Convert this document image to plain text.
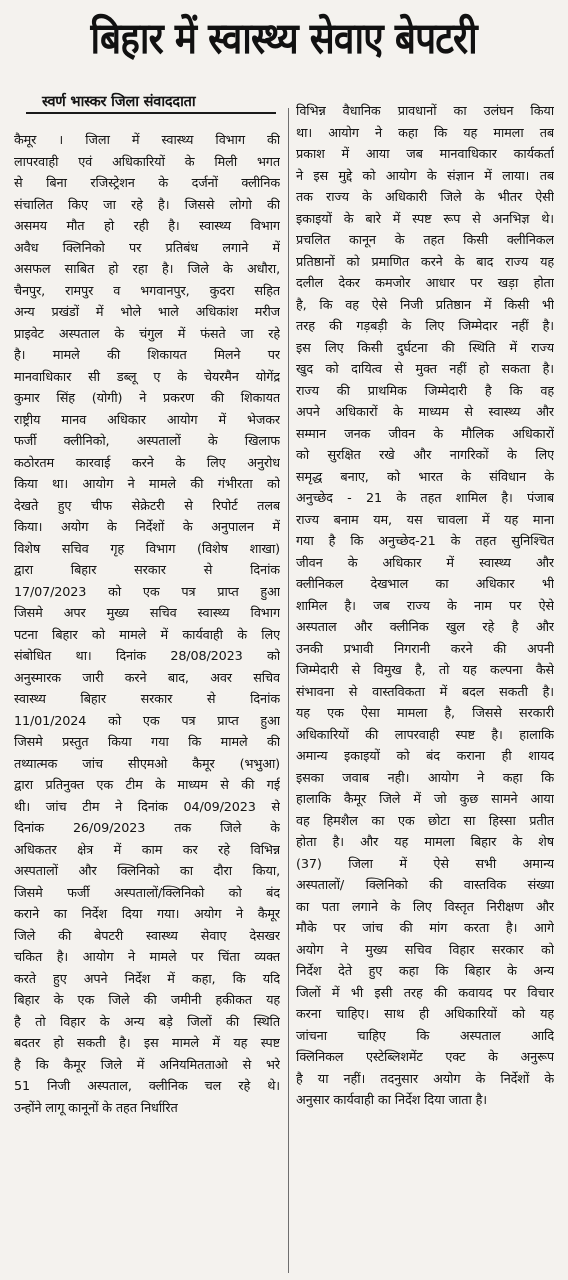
बिहार में स्वास्थ्य सेवाए बेपटरी
स्वर्ण भास्कर जिला संवाददाता
कैमूर । जिला में स्वास्थ्य विभाग की
लापरवाही एवं अधिकारियों के मिली भगत
से बिना रजिस्ट्रेशन के दर्जनों क्लीनिक
संचालित किए जा रहे है। जिससे लोगो की
असमय मौत हो रही है। स्वास्थ्य विभाग
अवैध क्लिनिको पर प्रतिबंध लगाने में
असफल साबित हो रहा है। जिले के अधौरा,
चैनपुर, रामपुर व भगवानपुर, कुदरा सहित
अन्य प्रखंडों में भोले भाले अधिकांश मरीज
प्राइवेट अस्पताल के चंगुल में फंसते जा रहे
है। मामले की शिकायत मिलने पर
मानवाधिकार सी डब्लू ए के चेयरमैन योगेंद्र
कुमार सिंह (योगी) ने प्रकरण की शिकायत
राष्ट्रीय मानव अधिकार आयोग में भेजकर
फर्जी क्लीनिको, अस्पतालों के खिलाफ
कठोरतम कारवाई करने के लिए अनुरोध
किया था। आयोग ने मामले की गंभीरता को
देखते हुए चीफ सेक्रेटरी से रिपोर्ट तलब
किया। अयोग के निर्देशों के अनुपालन में
विशेष सचिव गृह विभाग (विशेष शाखा)
द्वारा बिहार सरकार से दिनांक
17/07/2023 को एक पत्र प्राप्त हुआ
जिसमे अपर मुख्य सचिव स्वास्थ्य विभाग
पटना बिहार को मामले में कार्यवाही के लिए
संबोधित था। दिनांक 28/08/2023 को
अनुस्मारक जारी करने बाद, अवर सचिव
स्वास्थ्य बिहार सरकार से दिनांक
11/01/2024 को एक पत्र प्राप्त हुआ
जिसमे प्रस्तुत किया गया कि मामले की
तथ्यात्मक जांच सीएमओ कैमूर (भभुआ)
द्वारा प्रतिनुक्त एक टीम के माध्यम से की गई
थी। जांच टीम ने दिनांक 04/09/2023 से
दिनांक 26/09/2023 तक जिले के
अधिकतर क्षेत्र में काम कर रहे विभिन्न
अस्पतालों और क्लिनिको का दौरा किया,
जिसमे फर्जी अस्पतालों/क्लिनिको को बंद
कराने का निर्देश दिया गया। अयोग ने कैमूर
जिले की बेपटरी स्वास्थ्य सेवाए देसखर
चकित है। आयोग ने मामले पर चिंता व्यक्त
करते हुए अपने निर्देश में कहा, कि यदि
बिहार के एक जिले की जमीनी हकीकत यह
है तो विहार के अन्य बड़े जिलों की स्थिति
बदतर हो सकती है। इस मामले में यह स्पष्ट
है कि कैमूर जिले में अनियमितताओ से भरे
51 निजी अस्पताल, क्लीनिक चल रहे थे।
उन्होंने लागू कानूनों के तहत निर्धारित
विभिन्न वैधानिक प्रावधानों का उलंघन किया
था। आयोग ने कहा कि यह मामला तब
प्रकाश में आया जब मानवाधिकार कार्यकर्ता
ने इस मुद्दे को आयोग के संज्ञान में लाया। तब
तक राज्य के अधिकारी जिले के भीतर ऐसी
इकाइयों के बारे में स्पष्ट रूप से अनभिज्ञ थे।
प्रचलित कानून के तहत किसी क्लीनिकल
प्रतिष्ठानों को प्रमाणित करने के बाद राज्य यह
दलील देकर कमजोर आधार पर खड़ा होता
है, कि वह ऐसे निजी प्रतिष्ठान में किसी भी
तरह की गड़बड़ी के लिए जिम्मेदार नहीं है।
इस लिए किसी दुर्घटना की स्थिति में राज्य
खुद को दायित्व से मुक्त नहीं हो सकता है।
राज्य की प्राथमिक जिम्मेदारी है कि वह
अपने अधिकारों के माध्यम से स्वास्थ्य और
सम्मान जनक जीवन के मौलिक अधिकारों
को सुरक्षित रखे और नागरिकों के लिए
समृद्ध बनाए, को भारत के संविधान के
अनुच्छेद - 21 के तहत शामिल है। पंजाब
राज्य बनाम यम, यस चावला में यह माना
गया है कि अनुच्छेद-21 के तहत सुनिश्चित
जीवन के अधिकार में स्वास्थ्य और
क्लीनिकल देखभाल का अधिकार भी
शामिल है। जब राज्य के नाम पर ऐसे
अस्पताल और क्लीनिक खुल रहे है और
उनकी प्रभावी निगरानी करने की अपनी
जिम्मेदारी से विमुख है, तो यह कल्पना कैसे
संभावना से वास्तविकता में बदल सकती है।
यह एक ऐसा मामला है, जिससे सरकारी
अधिकारियों की लापरवाही स्पष्ट है। हालाकि
अमान्य इकाइयों को बंद कराना ही शायद
इसका जवाब नही। आयोग ने कहा कि
हालाकि कैमूर जिले में जो कुछ सामने आया
वह हिमशैल का एक छोटा सा हिस्सा प्रतीत
होता है। और यह मामला बिहार के शेष
(37) जिला में ऐसे सभी अमान्य
अस्पतालों/ क्लिनिको की वास्तविक संख्या
का पता लगाने के लिए विस्तृत निरीक्षण और
मौके पर जांच की मांग करता है। आगे
अयोग ने मुख्य सचिव विहार सरकार को
निर्देश देते हुए कहा कि बिहार के अन्य
जिलों में भी इसी तरह की कवायद पर विचार
करना चाहिए। साथ ही अधिकारियों को यह
जांचना चाहिए कि अस्पताल आदि
क्लिनिकल एस्टेब्लिशमेंट एक्ट के अनुरूप
है या नहीं। तदनुसार अयोग के निर्देशों के
अनुसार कार्यवाही का निर्देश दिया जाता है।
